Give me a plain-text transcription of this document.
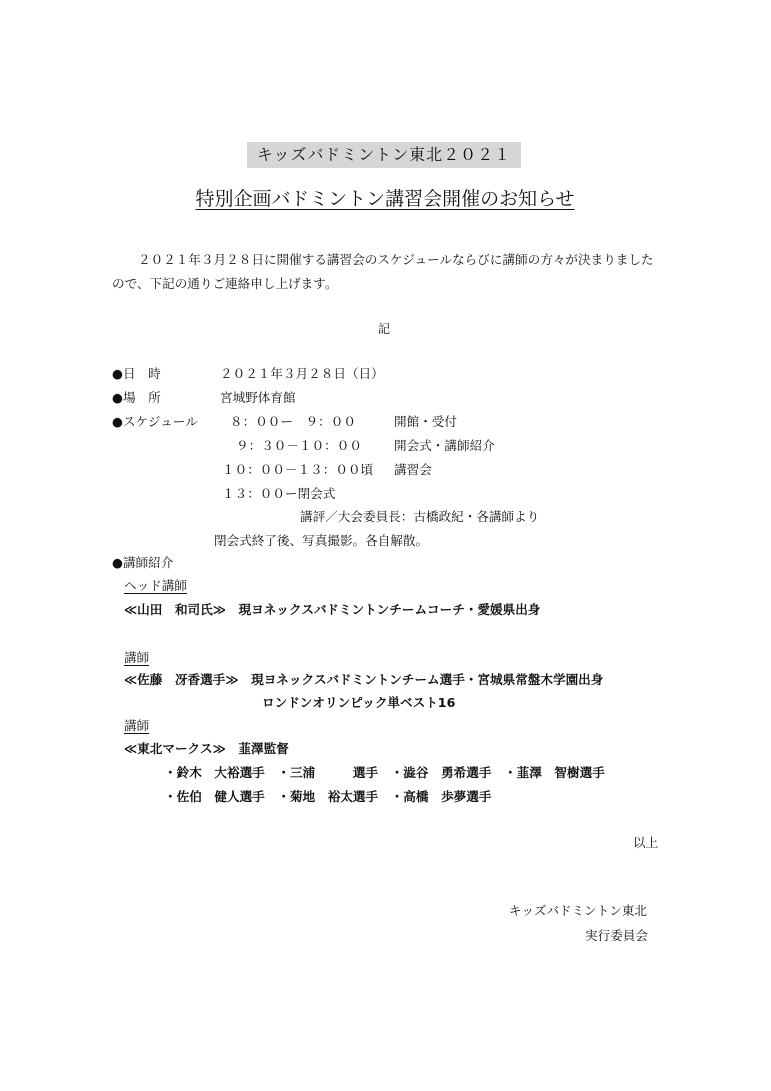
キッズバドミントン東北２０２１
特別企画バドミントン講習会開催のお知らせ
２０２１年３月２８日に開催する講習会のスケジュールならびに講師の方々が決まりましたので、下記の通りご連絡申し上げます。
記
●日　時	２０２１年３月２８日（日）
●場　所	宮城野体育館
●スケジュール	８：００ー　９：００	開館・受付
９：３０－１０：００	開会式・講師紹介
１０：００－１３：００頃 講習会
１３：００ー閉会式
講評／大会委員長：古橋政紀・各講師より
閉会式終了後、写真撮影。各自解散。
●講師紹介
ヘッド講師
≪山田　和司氏≫　現ヨネックスバドミントンチームコーチ・愛媛県出身
講師
≪佐藤　冴香選手≫　現ヨネックスバドミントンチーム選手・宮城県常盤木学園出身
ロンドンオリンピック単ベスト16
講師
≪東北マークス≫　韮澤監督
・鈴木　大裕選手　・三浦　　　選手　・澁谷　勇希選手　・韮澤　智樹選手
・佐伯　健人選手　・菊地　裕太選手　・高橋　歩夢選手
以上
キッズバドミントン東北
実行委員会
